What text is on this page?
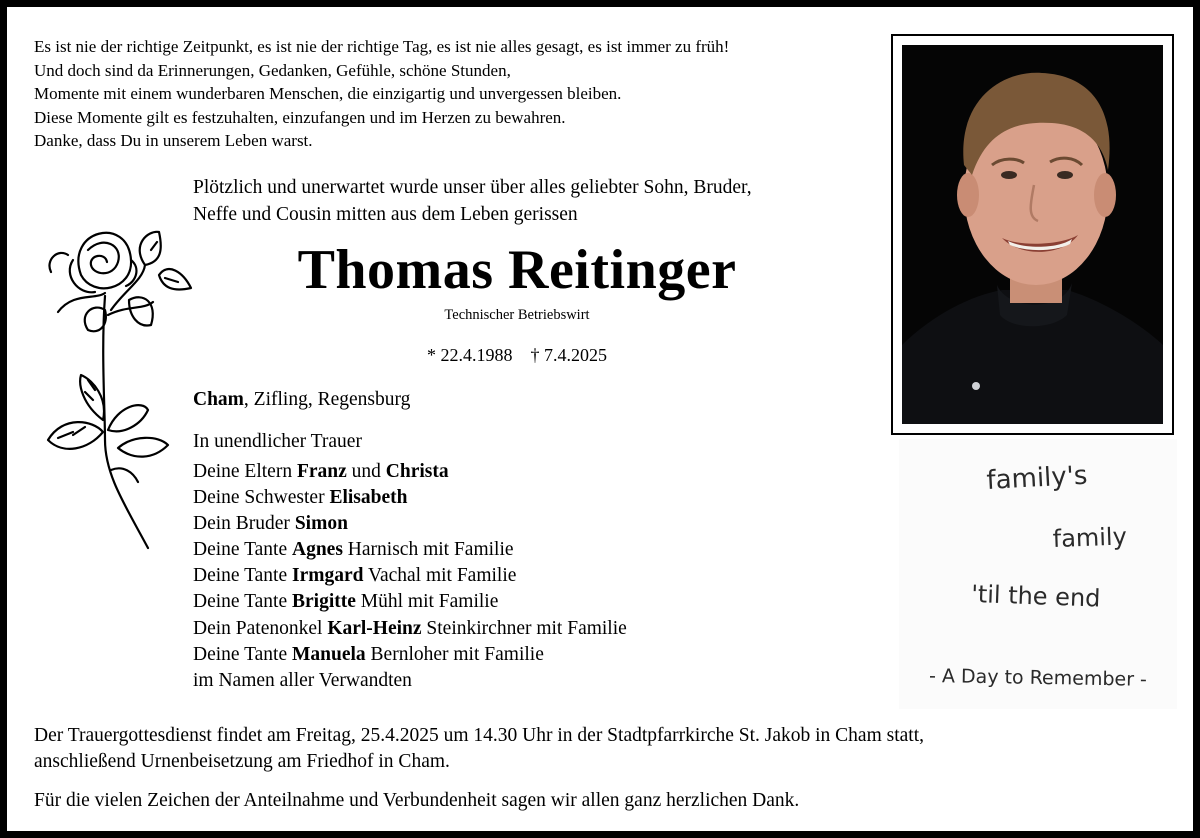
Es ist nie der richtige Zeitpunkt, es ist nie der richtige Tag, es ist nie alles gesagt, es ist immer zu früh!
Und doch sind da Erinnerungen, Gedanken, Gefühle, schöne Stunden,
Momente mit einem wunderbaren Menschen, die einzigartig und unvergessen bleiben.
Diese Momente gilt es festzuhalten, einzufangen und im Herzen zu bewahren.
Danke, dass Du in unserem Leben warst.
Plötzlich und unerwartet wurde unser über alles geliebter Sohn, Bruder,
Neffe und Cousin mitten aus dem Leben gerissen
Thomas Reitinger
Technischer Betriebswirt
* 22.4.1988 † 7.4.2025
Cham, Zifling, Regensburg
In unendlicher Trauer
Deine Eltern Franz und Christa
Deine Schwester Elisabeth
Dein Bruder Simon
Deine Tante Agnes Harnisch mit Familie
Deine Tante Irmgard Vachal mit Familie
Deine Tante Brigitte Mühl mit Familie
Dein Patenonkel Karl-Heinz Steinkirchner mit Familie
Deine Tante Manuela Bernloher mit Familie
im Namen aller Verwandten
family's
family
'til the end
- A Day to Remember -
Der Trauergottesdienst findet am Freitag, 25.4.2025 um 14.30 Uhr in der Stadtpfarrkirche St. Jakob in Cham statt,
anschließend Urnenbeisetzung am Friedhof in Cham.
Für die vielen Zeichen der Anteilnahme und Verbundenheit sagen wir allen ganz herzlichen Dank.
